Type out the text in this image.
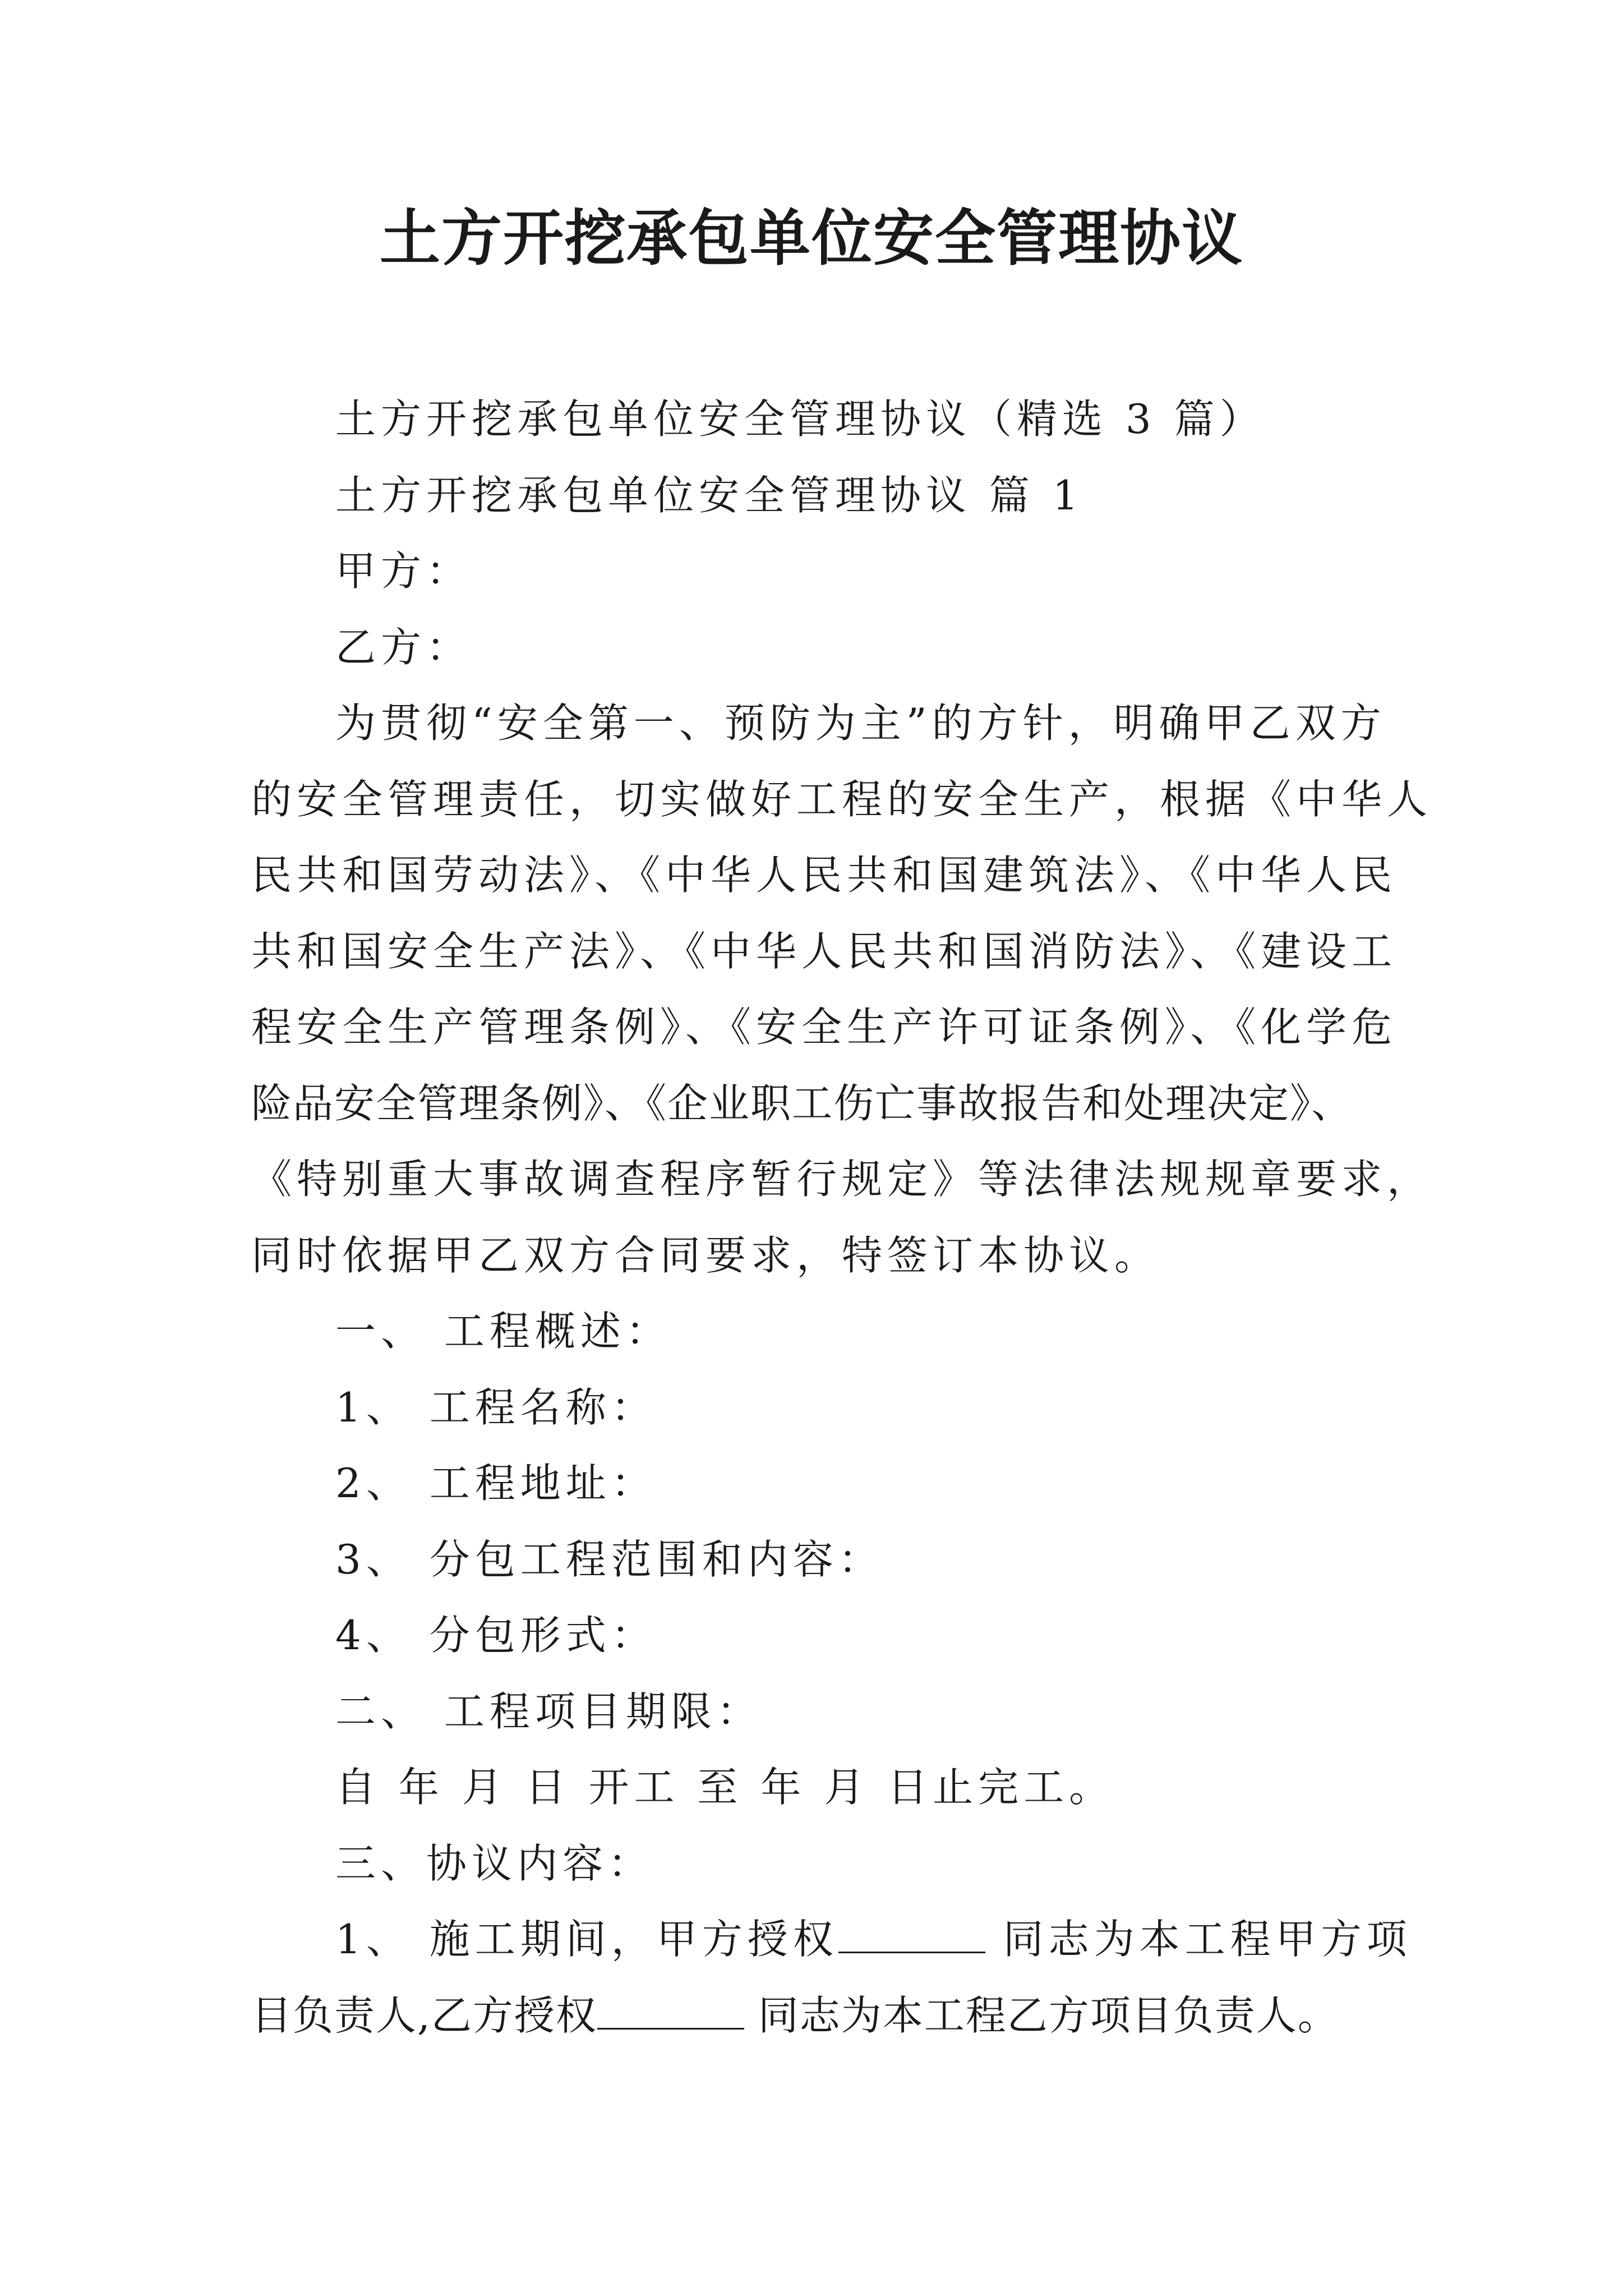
土方开挖承包单位安全管理协议
土方开挖承包单位安全管理协议（精选 3 篇）
土方开挖承包单位安全管理协议 篇 1
甲方：
乙方：
为贯彻“安全第一、预防为主”的方针，明确甲乙双方
的安全管理责任，切实做好工程的安全生产，根据《中华人
民共和国劳动法》、《中华人民共和国建筑法》、《中华人民
共和国安全生产法》、《中华人民共和国消防法》、《建设工
程安全生产管理条例》、《安全生产许可证条例》、《化学危
险品安全管理条例》、《企业职工伤亡事故报告和处理决定》、
《特别重大事故调查程序暂行规定》等法律法规规章要求，
同时依据甲乙双方合同要求，特签订本协议。
一、 工程概述：
1、 工程名称：
2、 工程地址：
3、 分包工程范围和内容：
4、 分包形式：
二、 工程项目期限：
自 年 月 日 开工 至 年 月 日止完工。
三、协议内容：
1、 施工期间，甲方授权	同志为本工程甲方项
目负责人,乙方授权	同志为本工程乙方项目负责人。
